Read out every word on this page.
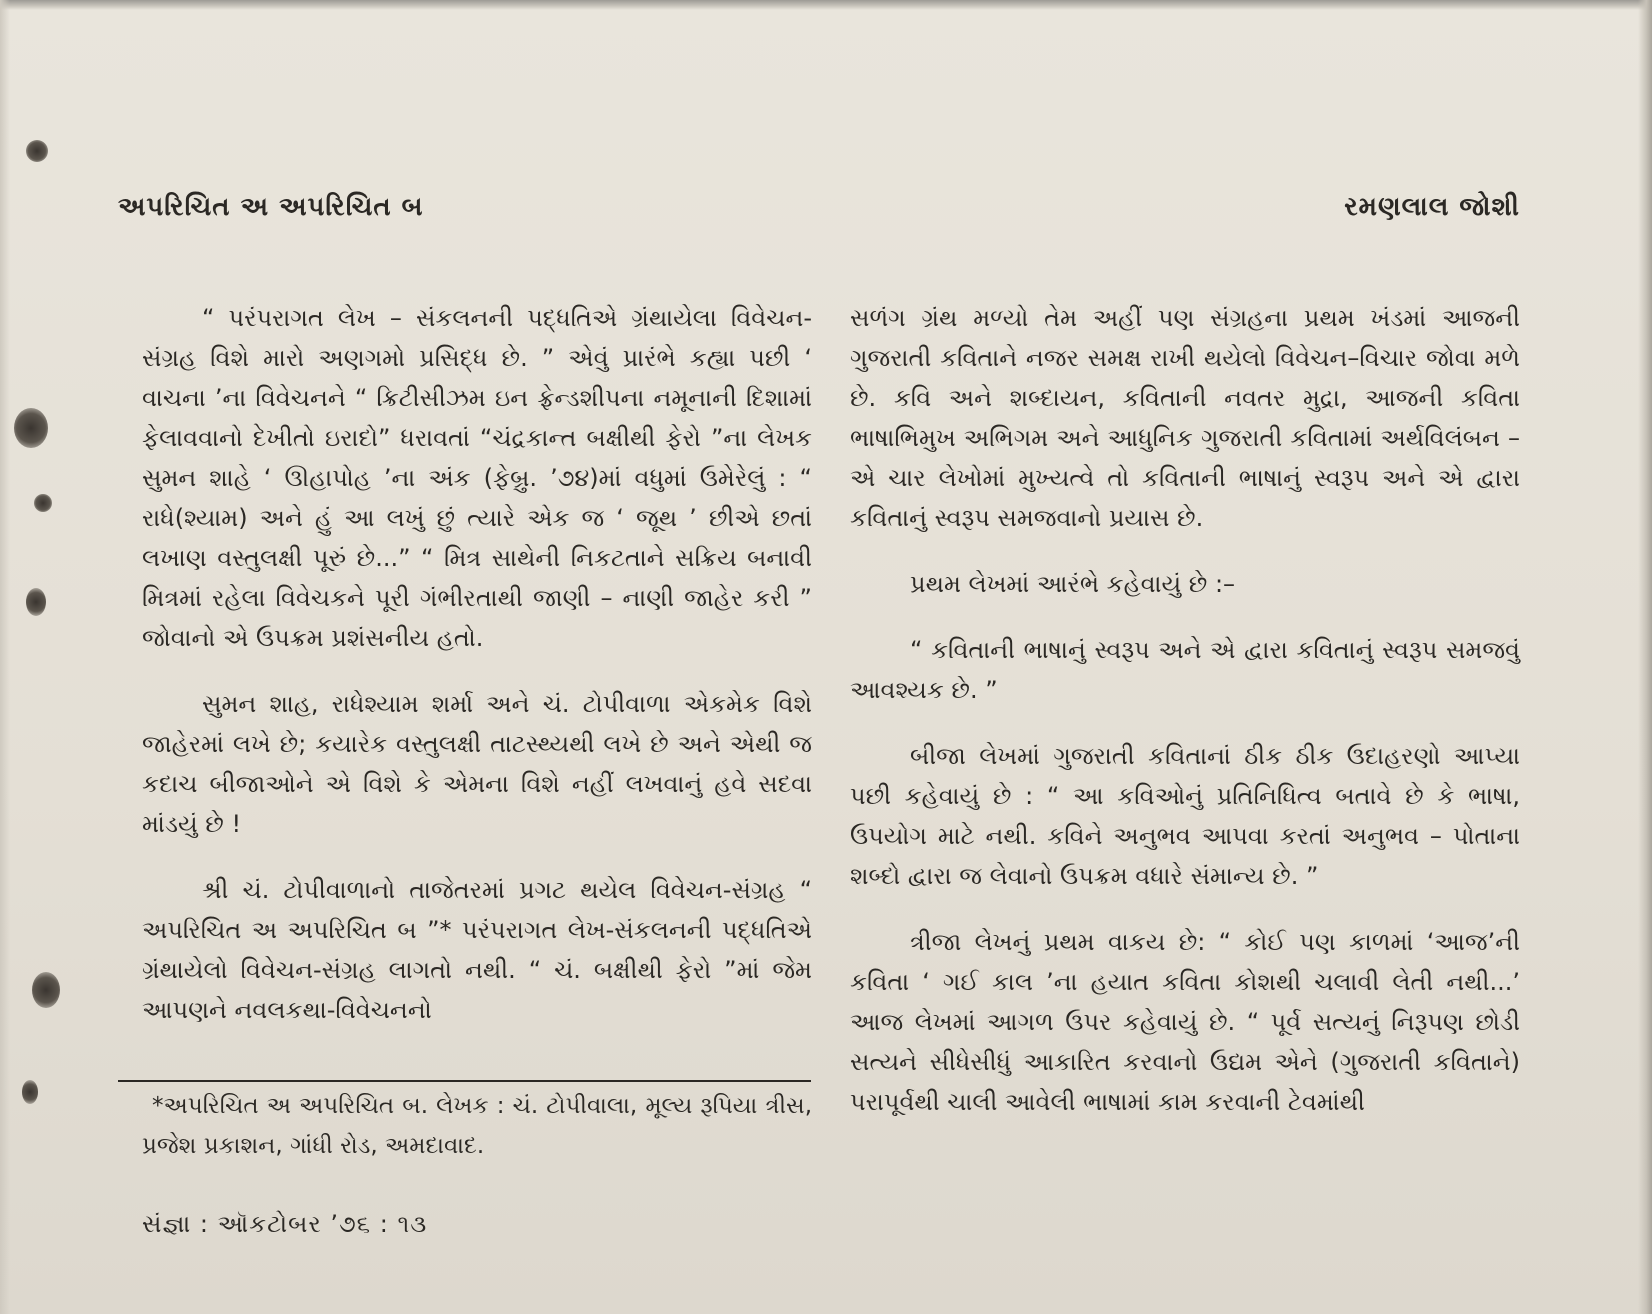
અપરિચિત અ અપરિચિત બ	રમણલાલ જોશી

“ પરંપરાગત લેખ – સંકલનની પદ્ધતિએ ગ્રંથાયેલા વિવેચન-સંગ્રહ વિશે મારો અણગમો પ્રસિદ્ધ છે. ” એવું પ્રારંભે કહ્યા પછી ‘ વાચના ’ના વિવેચનને “ ક્રિટીસીઝમ ઇન ફ્રેન્ડશીપના નમૂનાની દિશામાં ફેલાવવાનો દેખીતો ઇરાદો” ધરાવતાં “ચંદ્રકાન્ત બક્ષીથી ફેરો ”ના લેખક સુમન શાહે ‘ ઊહાપોહ ’ના અંક (ફેબ્રુ. ’૭૪)માં વધુમાં ઉમેરેલું : “ રાધે(શ્યામ) અને હું આ લખું છું ત્યારે એક જ ‘ જૂથ ’ છીએ છતાં લખાણ વસ્તુલક્ષી પૂરું છે...” “ મિત્ર સાથેની નિકટતાને સક્રિય બનાવી મિત્રમાં રહેલા વિવેચકને પૂરી ગંભીરતાથી જાણી – નાણી જાહેર કરી ” જોવાનો એ ઉપક્રમ પ્રશંસનીય હતો.

સુમન શાહ, રાધેશ્યામ શર્મા અને ચં. ટોપીવાળા એકમેક વિશે જાહેરમાં લખે છે; કયારેક વસ્તુલક્ષી તાટસ્થ્યથી લખે છે અને એથી જ કદાચ બીજાઓને એ વિશે કે એમના વિશે નહીં લખવાનું હવે સદવા માંડયું છે !

શ્રી ચં. ટોપીવાળાનો તાજેતરમાં પ્રગટ થયેલ વિવેચન-સંગ્રહ “ અપરિચિત અ અપરિચિત બ ”* પરંપરાગત લેખ-સંકલનની પદ્ધતિએ ગ્રંથાયેલો વિવેચન-સંગ્રહ લાગતો નથી. “ ચં. બક્ષીથી ફેરો ”માં જેમ આપણને નવલકથા-વિવેચનનો

સળંગ ગ્રંથ મળ્યો તેમ અહીં પણ સંગ્રહના પ્રથમ ખંડમાં આજની ગુજરાતી કવિતાને નજર સમક્ષ રાખી થયેલો વિવેચન–વિચાર જોવા મળે છે. કવિ અને શબ્દાયન, કવિતાની નવતર મુદ્રા, આજની કવિતા ભાષાભિમુખ અભિગમ અને આધુનિક ગુજરાતી કવિતામાં અર્થવિલંબન – એ ચાર લેખોમાં મુખ્યત્વે તો કવિતાની ભાષાનું સ્વરૂપ અને એ દ્વારા કવિતાનું સ્વરૂપ સમજવાનો પ્રયાસ છે.

પ્રથમ લેખમાં આરંભે કહેવાયું છે :–

“ કવિતાની ભાષાનું સ્વરૂપ અને એ દ્વારા કવિતાનું સ્વરૂપ સમજવું આવશ્યક છે. ”

બીજા લેખમાં ગુજરાતી કવિતાનાં ઠીક ઠીક ઉદાહરણો આપ્યા પછી કહેવાયું છે : “ આ કવિઓનું પ્રતિનિધિત્વ બતાવે છે કે ભાષા, ઉપયોગ માટે નથી. કવિને અનુભવ આપવા કરતાં અનુભવ – પોતાના શબ્દો દ્વારા જ લેવાનો ઉપક્રમ વધારે સંમાન્ય છે. ”

ત્રીજા લેખનું પ્રથમ વાકય છે: “ કોઈ પણ કાળમાં ‘આજ’ની કવિતા ‘ ગઈ કાલ ’ના હયાત કવિતા કોશથી ચલાવી લેતી નથી...’ આજ લેખમાં આગળ ઉપર કહેવાયું છે. “ પૂર્વ સત્યનું નિરૂપણ છોડી સત્યને સીધેસીધું આકારિત કરવાનો ઉદ્યમ એને (ગુજરાતી કવિતાને) પરાપૂર્વથી ચાલી આવેલી ભાષામાં કામ કરવાની ટેવમાંથી

*અપરિચિત અ અપરિચિત બ. લેખક : ચં. ટોપીવાલા, મૂલ્ય રૂપિયા ત્રીસ, પ્રજેશ પ્રકાશન, ગાંધી રોડ, અમદાવાદ.
સંજ્ઞા : ઑકટોબર ’૭૬ : ૧૩
